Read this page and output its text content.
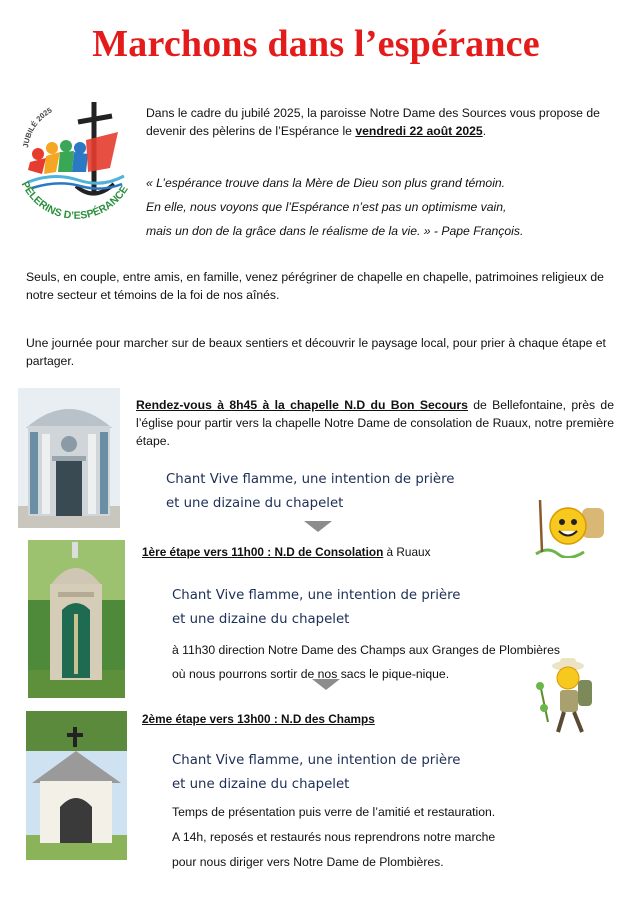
Marchons dans l’espérance
JUBILÉ 2025
PÈLERINS D’ESPÉRANCE
Dans le cadre du jubilé 2025, la paroisse Notre Dame des Sources vous propose de devenir des pèlerins de l’Espérance le vendredi 22 août 2025.
« L’espérance trouve dans la Mère de Dieu son plus grand témoin.
En elle, nous voyons que l’Espérance n’est pas un optimisme vain,
mais un don de la grâce dans le réalisme de la vie. » - Pape François.
Seuls, en couple, entre amis, en famille, venez pérégriner de chapelle en chapelle, patrimoines religieux de notre secteur et témoins de la foi de nos aînés.
Une journée pour marcher sur de beaux sentiers et découvrir le paysage local, pour prier à chaque étape et partager.
Rendez-vous à 8h45 à la chapelle N.D du Bon Secours de Bellefontaine, près de l’église pour partir vers la chapelle Notre Dame de consolation de Ruaux, notre première étape.
Chant Vive flamme, une intention de prière
et une dizaine du chapelet
1ère étape vers 11h00 : N.D de Consolation à Ruaux
Chant Vive flamme, une intention de prière
et une dizaine du chapelet
à 11h30 direction Notre Dame des Champs aux Granges de Plombières
où nous pourrons sortir de nos sacs le pique-nique.
2ème étape vers 13h00 : N.D des Champs
Chant Vive flamme, une intention de prière
et une dizaine du chapelet
Temps de présentation puis verre de l’amitié et restauration.
A 14h, reposés et restaurés nous reprendrons notre marche
pour nous diriger vers Notre Dame de Plombières.
